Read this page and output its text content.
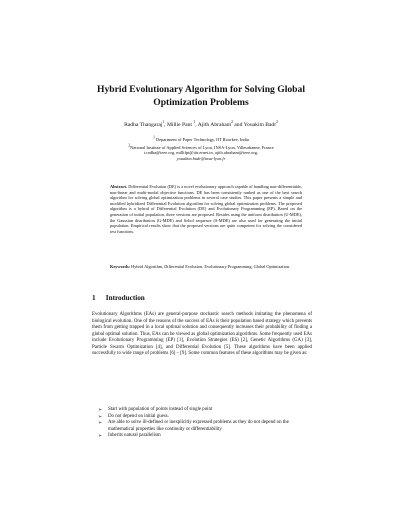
Hybrid Evolutionary Algorithm for Solving Global
Optimization Problems
Radha Thangaraj$^1$, Millie Pant $^1$, Ajith Abraham$^2$ and Youakim Badr$^2$
$^1$ Department of Paper Technology, IIT Roorkee, India
$^2$National Institute of Applied Sciences of Lyon, INSA-Lyon, Villeurbanne, France
t.radha@ieee.org, millifpt@iitr.ernet.in, ajith.abraham@ieee.org,
youakim.badr@insa-lyon.fr
Abstract. Differential Evolution (DE) is a novel evolutionary approach capable of handling non-differentiable, non-linear and multi-modal objective functions. DE has been consistently ranked as one of the best search algorithm for solving global optimization problems in several case studies. This paper presents a simple and modified hybridized Differential Evolution algorithm for solving global optimization problems. The proposed algorithm is a hybrid of Differential Evolution (DE) and Evolutionary Programming (EP). Based on the generation of initial population, three versions are proposed. Besides using the uniform distribution (U-MDE), the Gaussian distribution (G-MDE) and Sobol sequence (S-MDE) are also used for generating the initial population. Empirical results show that the proposed versions are quite competent for solving the considered test functions.
Keywords: Hybrid Algorithm, Differential Evolution, Evolutionary Programming, Global Optimization.
1 Introduction
Evolutionary Algorithms (EAs) are general-purpose stochastic search methods imitating the phenomena of biological evolution. One of the reasons of the success of EAs is their population based strategy which prevents them from getting trapped in a local optimal solution and consequently increases their probability of finding a global optimal solution. Thus, EAs can be viewed as global optimization algorithms. Some frequently used EAs include Evolutionary Programming (EP) [1], Evolution Strategies (ES) [2], Genetic Algorithms (GA) [3], Particle Swarm Optimization [4], and Differential Evolution [5]. These algorithms have been applied successfully to wide range of problems [6] – [9]. Some common features of these algorithms may be given as:
➢ Start with population of points instead of single point
➢ Do not depend on initial guess.
➢ Are able to solve ill-defined or inexplicitly expressed problems as they do not depend on the mathematical properties like continuity or differentiability
➢ Inherits natural parallelism
